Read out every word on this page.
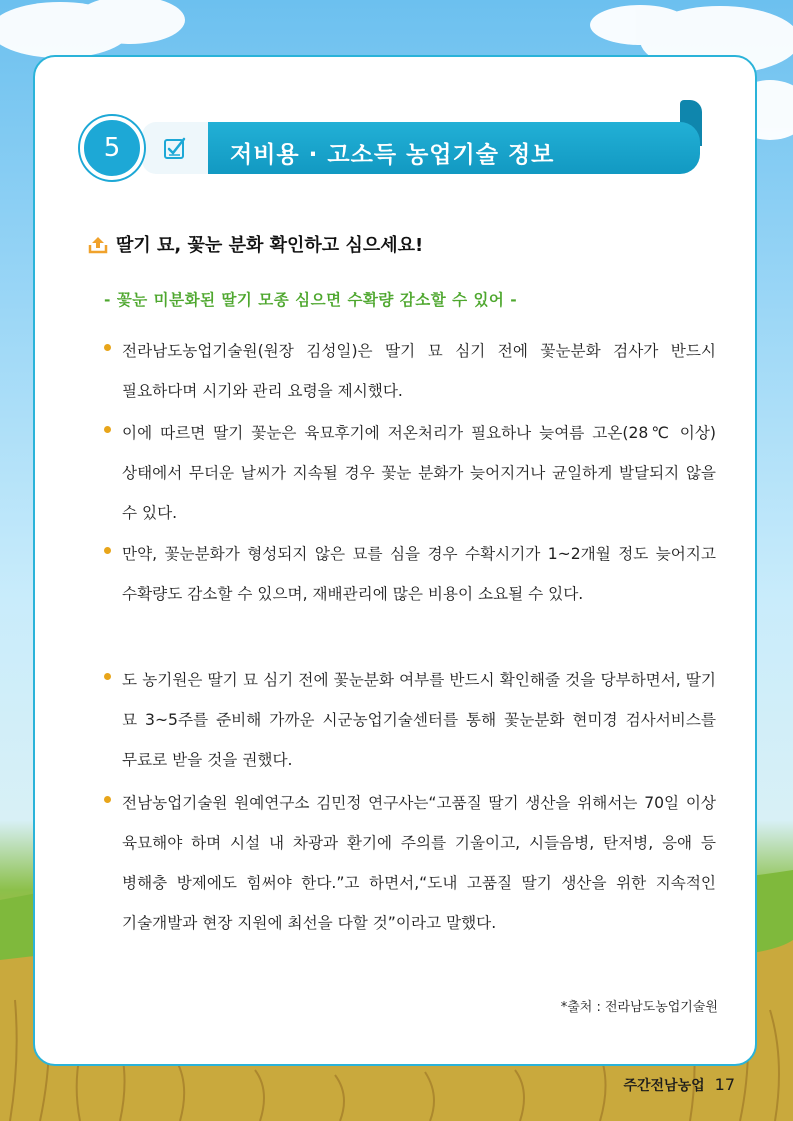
5	저비용 · 고소득 농업기술 정보
딸기 묘, 꽃눈 분화 확인하고 심으세요!
- 꽃눈 미분화된 딸기 모종 심으면 수확량 감소할 수 있어 -
전라남도농업기술원(원장 김성일)은 딸기 묘 심기 전에 꽃눈분화 검사가 반드시 필요하다며 시기와 관리 요령을 제시했다.
이에 따르면 딸기 꽃눈은 육묘후기에 저온처리가 필요하나 늦여름 고온(28℃ 이상) 상태에서 무더운 날씨가 지속될 경우 꽃눈 분화가 늦어지거나 균일하게 발달되지 않을 수 있다.
만약, 꽃눈분화가 형성되지 않은 묘를 심을 경우 수확시기가 1~2개월 정도 늦어지고 수확량도 감소할 수 있으며, 재배관리에 많은 비용이 소요될 수 있다.
도 농기원은 딸기 묘 심기 전에 꽃눈분화 여부를 반드시 확인해줄 것을 당부하면서, 딸기 묘 3~5주를 준비해 가까운 시군농업기술센터를 통해 꽃눈분화 현미경 검사서비스를 무료로 받을 것을 권했다.
전남농업기술원 원예연구소 김민정 연구사는“고품질 딸기 생산을 위해서는 70일 이상 육묘해야 하며 시설 내 차광과 환기에 주의를 기울이고, 시들음병, 탄저병, 응애 등 병해충 방제에도 힘써야 한다.”고 하면서,“도내 고품질 딸기 생산을 위한 지속적인 기술개발과 현장 지원에 최선을 다할 것”이라고 말했다.
*출처 : 전라남도농업기술원
주간전남농업 17
